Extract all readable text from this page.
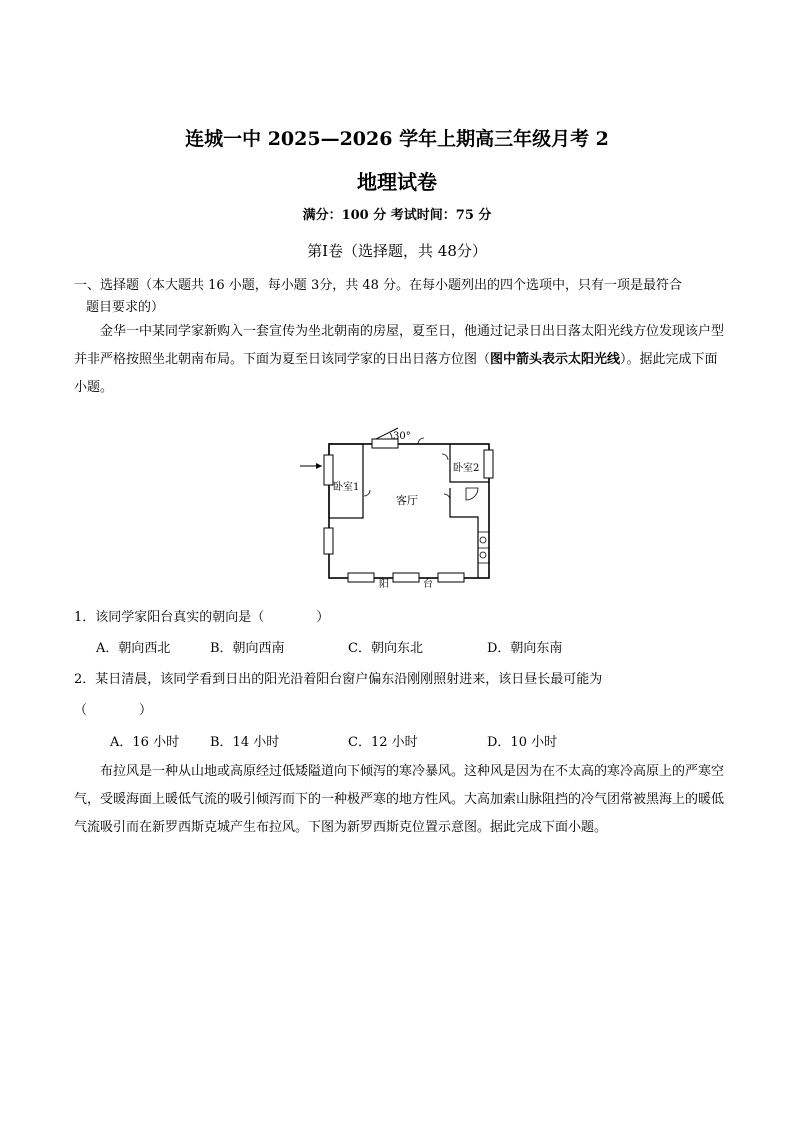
连城一中 2025—2026 学年上期高三年级月考 2
地理试卷
满分：100 分 考试时间：75 分
第Ⅰ卷（选择题，共 48分）
一、选择题（本大题共 16 小题，每小题 3分，共 48 分。在每小题列出的四个选项中，只有一项是最符合
题目要求的）
金华一中某同学家新购入一套宣传为坐北朝南的房屋，夏至日，他通过记录日出日落太阳光线方位发现该户型并非严格按照坐北朝南布局。下面为夏至日该同学家的日出日落方位图（图中箭头表示太阳光线）。据此完成下面小题。
30°
卧室1
卧室2
客厅
阳	台
1．该同学家阳台真实的朝向是（　　　　）
A．朝向西北	B．朝向西南	C．朝向东北	D．朝向东南
2．某日清晨，该同学看到日出的阳光沿着阳台窗户偏东沿刚刚照射进来，该日昼长最可能为
（　　　　）
A．16 小时 B．14 小时	C．12 小时	D．10 小时
布拉风是一种从山地或高原经过低矮隘道向下倾泻的寒冷暴风。这种风是因为在不太高的寒冷高原上的严寒空气，受暖海面上暖低气流的吸引倾泻而下的一种极严寒的地方性风。大高加索山脉阻挡的冷气团常被黑海上的暖低气流吸引而在新罗西斯克城产生布拉风。下图为新罗西斯克位置示意图。据此完成下面小题。
